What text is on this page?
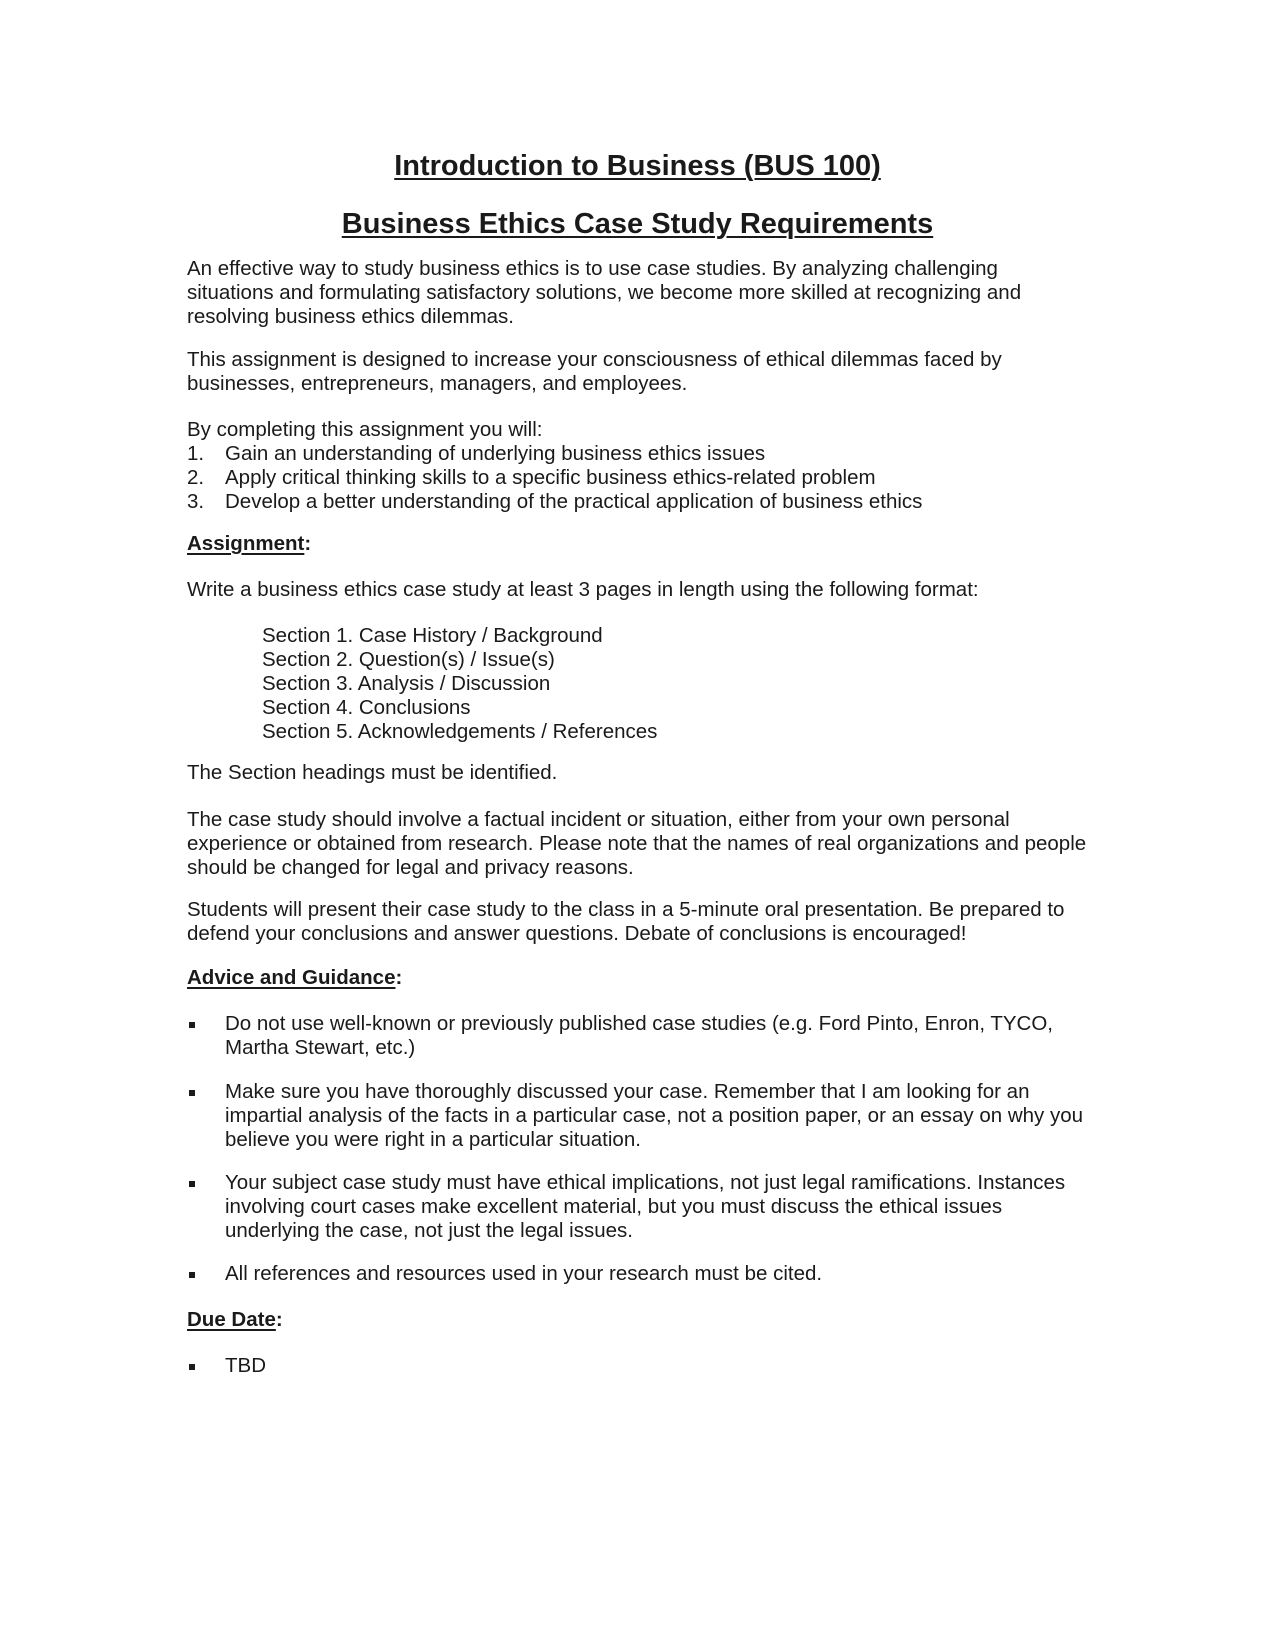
Introduction to Business (BUS 100)
Business Ethics Case Study Requirements

An effective way to study business ethics is to use case studies. By analyzing challenging situations and formulating satisfactory solutions, we become more skilled at recognizing and resolving business ethics dilemmas.

This assignment is designed to increase your consciousness of ethical dilemmas faced by businesses, entrepreneurs, managers, and employees.

By completing this assignment you will:

1.	Gain an understanding of underlying business ethics issues
2.	Apply critical thinking skills to a specific business ethics-related problem
3.	Develop a better understanding of the practical application of business ethics

Assignment:

Write a business ethics case study at least 3 pages in length using the following format:

Section 1. Case History / Background
Section 2. Question(s) / Issue(s)
Section 3. Analysis / Discussion
Section 4. Conclusions
Section 5. Acknowledgements / References

The Section headings must be identified.

The case study should involve a factual incident or situation, either from your own personal experience or obtained from research. Please note that the names of real organizations and people should be changed for legal and privacy reasons.

Students will present their case study to the class in a 5-minute oral presentation. Be prepared to defend your conclusions and answer questions. Debate of conclusions is encouraged!

Advice and Guidance:

Do not use well-known or previously published case studies (e.g. Ford Pinto, Enron, TYCO, Martha Stewart, etc.)
Make sure you have thoroughly discussed your case. Remember that I am looking for an impartial analysis of the facts in a particular case, not a position paper, or an essay on why you believe you were right in a particular situation.
Your subject case study must have ethical implications, not just legal ramifications. Instances involving court cases make excellent material, but you must discuss the ethical issues underlying the case, not just the legal issues.
All references and resources used in your research must be cited.

Due Date:

TBD
